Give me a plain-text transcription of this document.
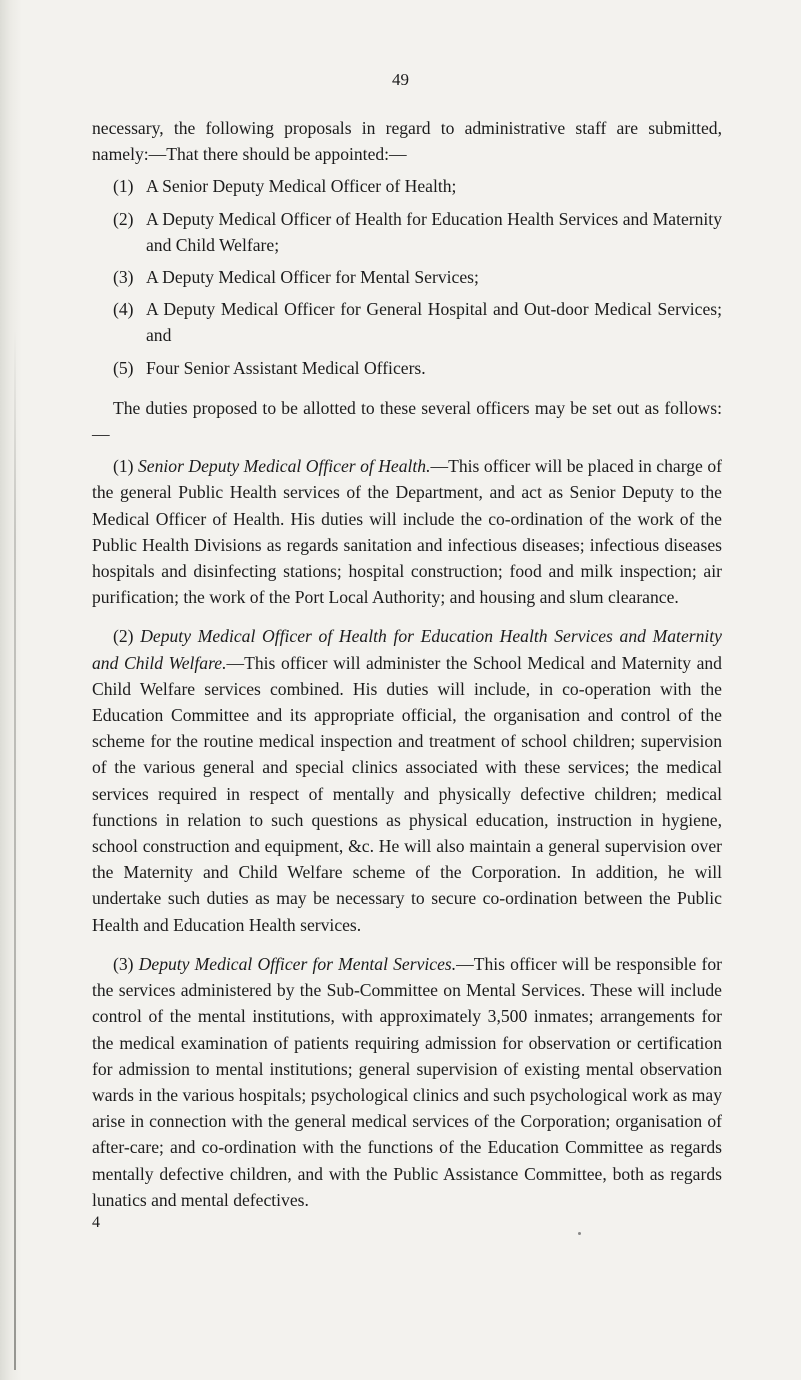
49

necessary, the following proposals in regard to administrative staff are submitted, namely:—That there should be appointed:—

(1) A Senior Deputy Medical Officer of Health;
(2) A Deputy Medical Officer of Health for Education Health Services and Maternity and Child Welfare;
(3) A Deputy Medical Officer for Mental Services;
(4) A Deputy Medical Officer for General Hospital and Out-door Medical Services; and
(5) Four Senior Assistant Medical Officers.

The duties proposed to be allotted to these several officers may be set out as follows:—

(1) Senior Deputy Medical Officer of Health.—This officer will be placed in charge of the general Public Health services of the Department, and act as Senior Deputy to the Medical Officer of Health. His duties will include the co-ordination of the work of the Public Health Divisions as regards sanitation and infectious diseases; infectious diseases hospitals and disinfecting stations; hospital construction; food and milk inspection; air purification; the work of the Port Local Authority; and housing and slum clearance.

(2) Deputy Medical Officer of Health for Education Health Services and Maternity and Child Welfare.—This officer will administer the School Medical and Maternity and Child Welfare services combined. His duties will include, in co-operation with the Education Committee and its appropriate official, the organisation and control of the scheme for the routine medical inspection and treatment of school children; supervision of the various general and special clinics associated with these services; the medical services required in respect of mentally and physically defective children; medical functions in relation to such questions as physical education, instruction in hygiene, school construction and equipment, &c. He will also maintain a general supervision over the Maternity and Child Welfare scheme of the Corporation. In addition, he will undertake such duties as may be necessary to secure co-ordination between the Public Health and Education Health services.

(3) Deputy Medical Officer for Mental Services.—This officer will be responsible for the services administered by the Sub-Committee on Mental Services. These will include control of the mental institutions, with approximately 3,500 inmates; arrangements for the medical examination of patients requiring admission for observation or certification for admission to mental institutions; general supervision of existing mental observation wards in the various hospitals; psychological clinics and such psychological work as may arise in connection with the general medical services of the Corporation; organisation of after-care; and co-ordination with the functions of the Education Committee as regards mentally defective children, and with the Public Assistance Committee, both as regards lunatics and mental defectives.

4
